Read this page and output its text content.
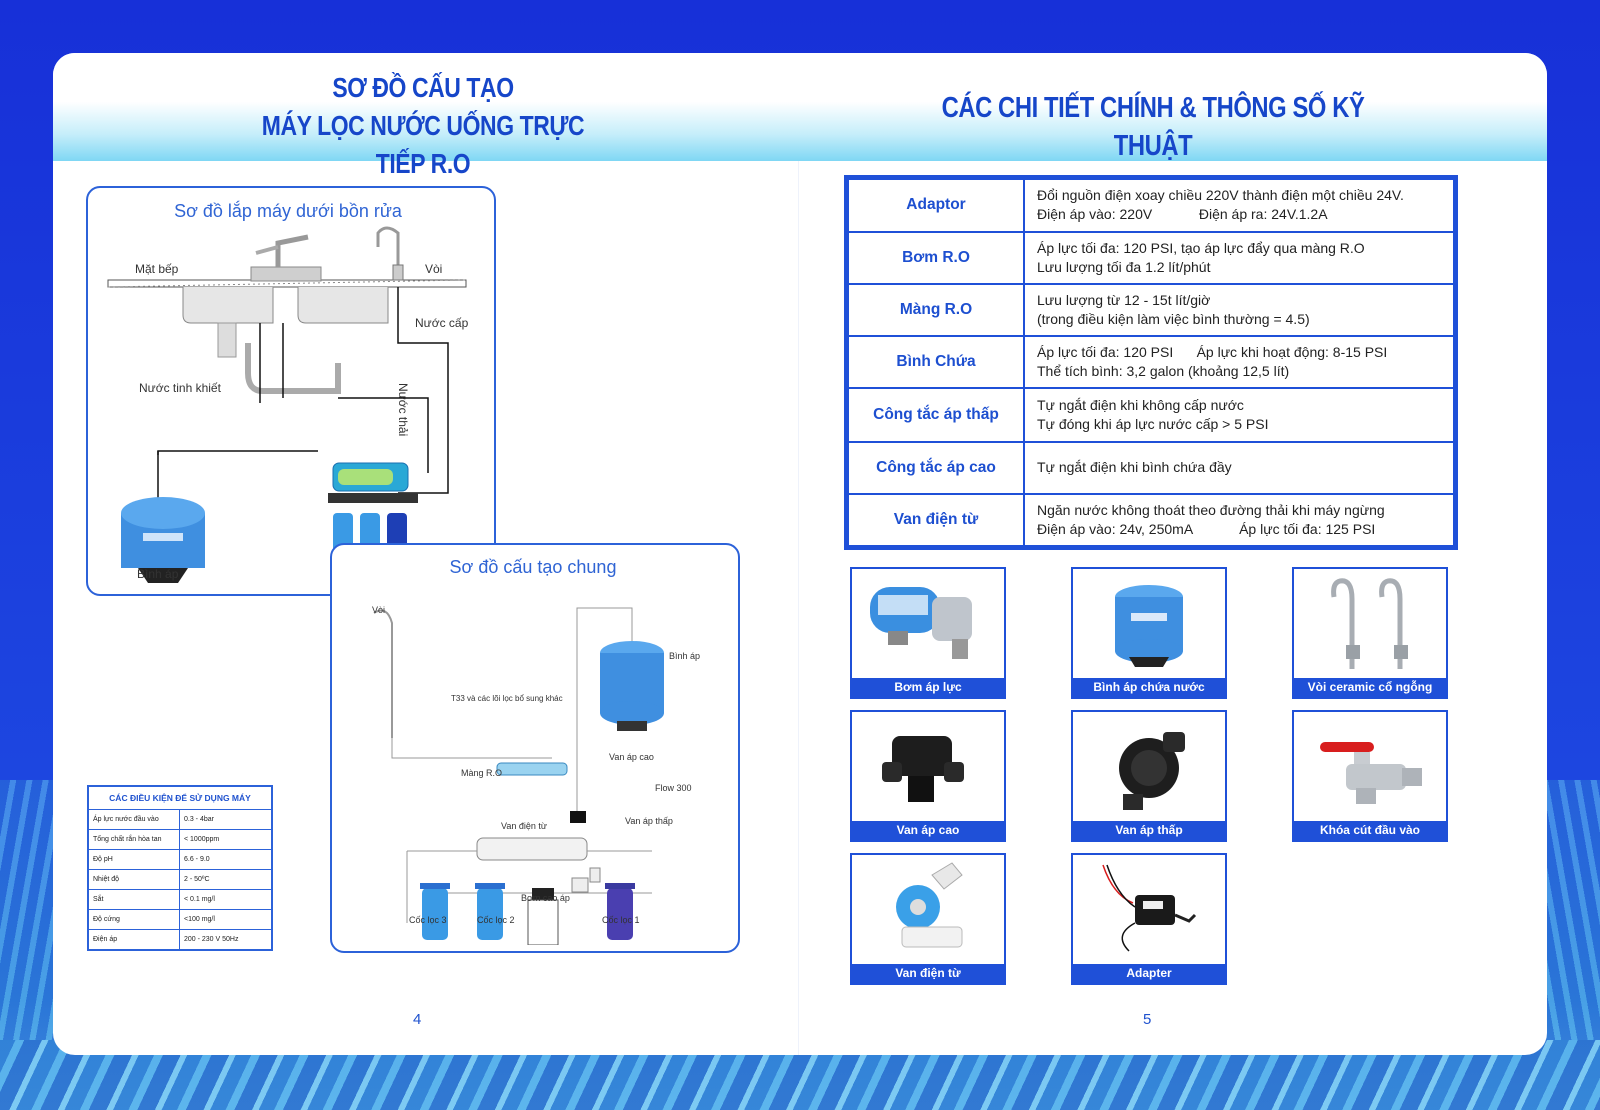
SƠ ĐỒ CẤU TẠO
MÁY LỌC NƯỚC UỐNG TRỰC TIẾP R.O
CÁC CHI TIẾT CHÍNH & THÔNG SỐ KỸ THUẬT
Sơ đồ lắp máy dưới bồn rửa
Mặt bếp	Vòi
Nước cấp
Nước thải
Nước tinh khiết
Bình áp	Sơ đồ cấu tạo chung
Vòi
Bình áp
T33 và các lõi lọc bổ sung khác
Van áp cao
Màng R.O
Flow 300
Van điện từ	Van áp thấp
Bơm cao áp
Cốc lọc 3	Cốc lọc 2	Cốc lọc 1
CÁC ĐIỀU KIỆN ĐỂ SỬ DỤNG MÁY	
Áp lực nước đầu vào	0.3 - 4bar
Tổng chất rắn hòa tan	< 1000ppm
Độ pH	6.6 - 9.0
Nhiệt độ	2 - 50ºC
Sắt	< 0.1 mg/l
Độ cứng	<100 mg/l
Điện áp	200 - 230 V 50Hz
4
Adaptor	Đổi nguồn điện xoay chiều 220V thành điện một chiều 24V.
Điện áp vào: 220V            Điện áp ra: 24V.1.2A

Bơm R.O	Áp lực tối đa: 120 PSI, tạo áp lực đẩy qua màng R.O
Lưu lượng tối đa 1.2 lít/phút

Màng R.O	Lưu lượng từ 12 - 15t lít/giờ
(trong điều kiện làm việc bình thường = 4.5)

Bình Chứa	Áp lực tối đa: 120 PSI      Áp lực khi hoạt động: 8-15 PSI
Thể tích bình: 3,2 galon (khoảng 12,5 lít)

Công tắc áp thấp	Tự ngắt điện khi không cấp nước
Tự đóng khi áp lực nước cấp > 5 PSI

Công tắc áp cao	Tự ngắt điện khi bình chứa đầy

Van điện từ	Ngăn nước không thoát theo đường thải khi máy ngừng
Điện áp vào: 24v, 250mA            Áp lực tối đa: 125 PSI
Bơm áp lực	Bình áp chứa nước	Vòi ceramic cổ ngỗng
Van áp cao	Van áp thấp	Khóa cút đầu vào
Van điện từ	Adapter
5
